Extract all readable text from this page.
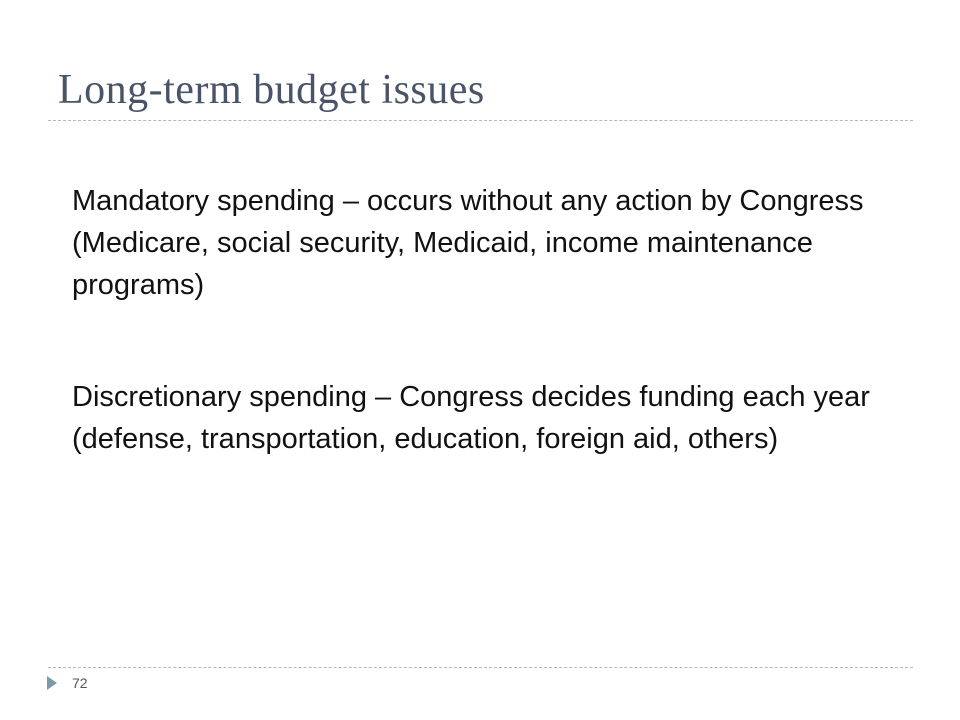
Long-term budget issues

Mandatory spending – occurs without any action by Congress (Medicare, social security, Medicaid, income maintenance programs)

Discretionary spending – Congress decides funding each year (defense, transportation, education, foreign aid, others)

72
